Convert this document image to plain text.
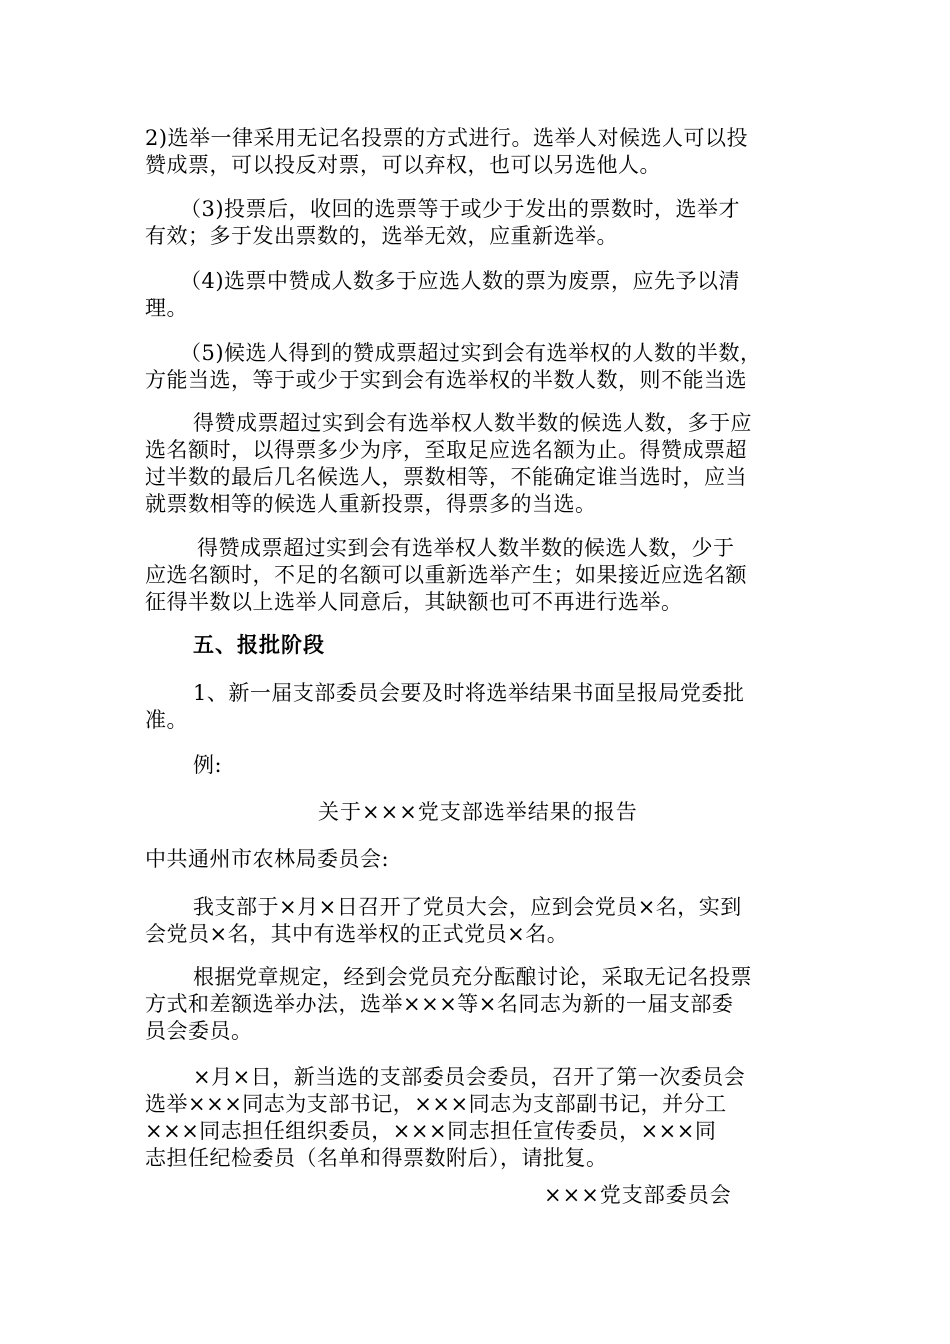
2)选举一律采用无记名投票的方式进行。选举人对候选人可以投
赞成票，可以投反对票，可以弃权，也可以另选他人。

（3)投票后，收回的选票等于或少于发出的票数时，选举才
有效；多于发出票数的，选举无效，应重新选举。

（4)选票中赞成人数多于应选人数的票为废票，应先予以清
理。

（5)候选人得到的赞成票超过实到会有选举权的人数的半数，
方能当选，等于或少于实到会有选举权的半数人数，则不能当选

得赞成票超过实到会有选举权人数半数的候选人数，多于应
选名额时，以得票多少为序，至取足应选名额为止。得赞成票超
过半数的最后几名候选人，票数相等，不能确定谁当选时，应当
就票数相等的候选人重新投票，得票多的当选。

得赞成票超过实到会有选举权人数半数的候选人数，少于
应选名额时，不足的名额可以重新选举产生；如果接近应选名额
征得半数以上选举人同意后，其缺额也可不再进行选举。

五、报批阶段

1、新一届支部委员会要及时将选举结果书面呈报局党委批
准。

例:

关于×××党支部选举结果的报告

中共通州市农林局委员会:

我支部于×月×日召开了党员大会，应到会党员×名，实到
会党员×名，其中有选举权的正式党员×名。

根据党章规定，经到会党员充分酝酿讨论，采取无记名投票
方式和差额选举办法，选举×××等×名同志为新的一届支部委
员会委员。

×月×日，新当选的支部委员会委员，召开了第一次委员会
选举×××同志为支部书记，×××同志为支部副书记，并分工
×××同志担任组织委员，×××同志担任宣传委员，×××同
志担任纪检委员（名单和得票数附后），请批复。

×××党支部委员会
